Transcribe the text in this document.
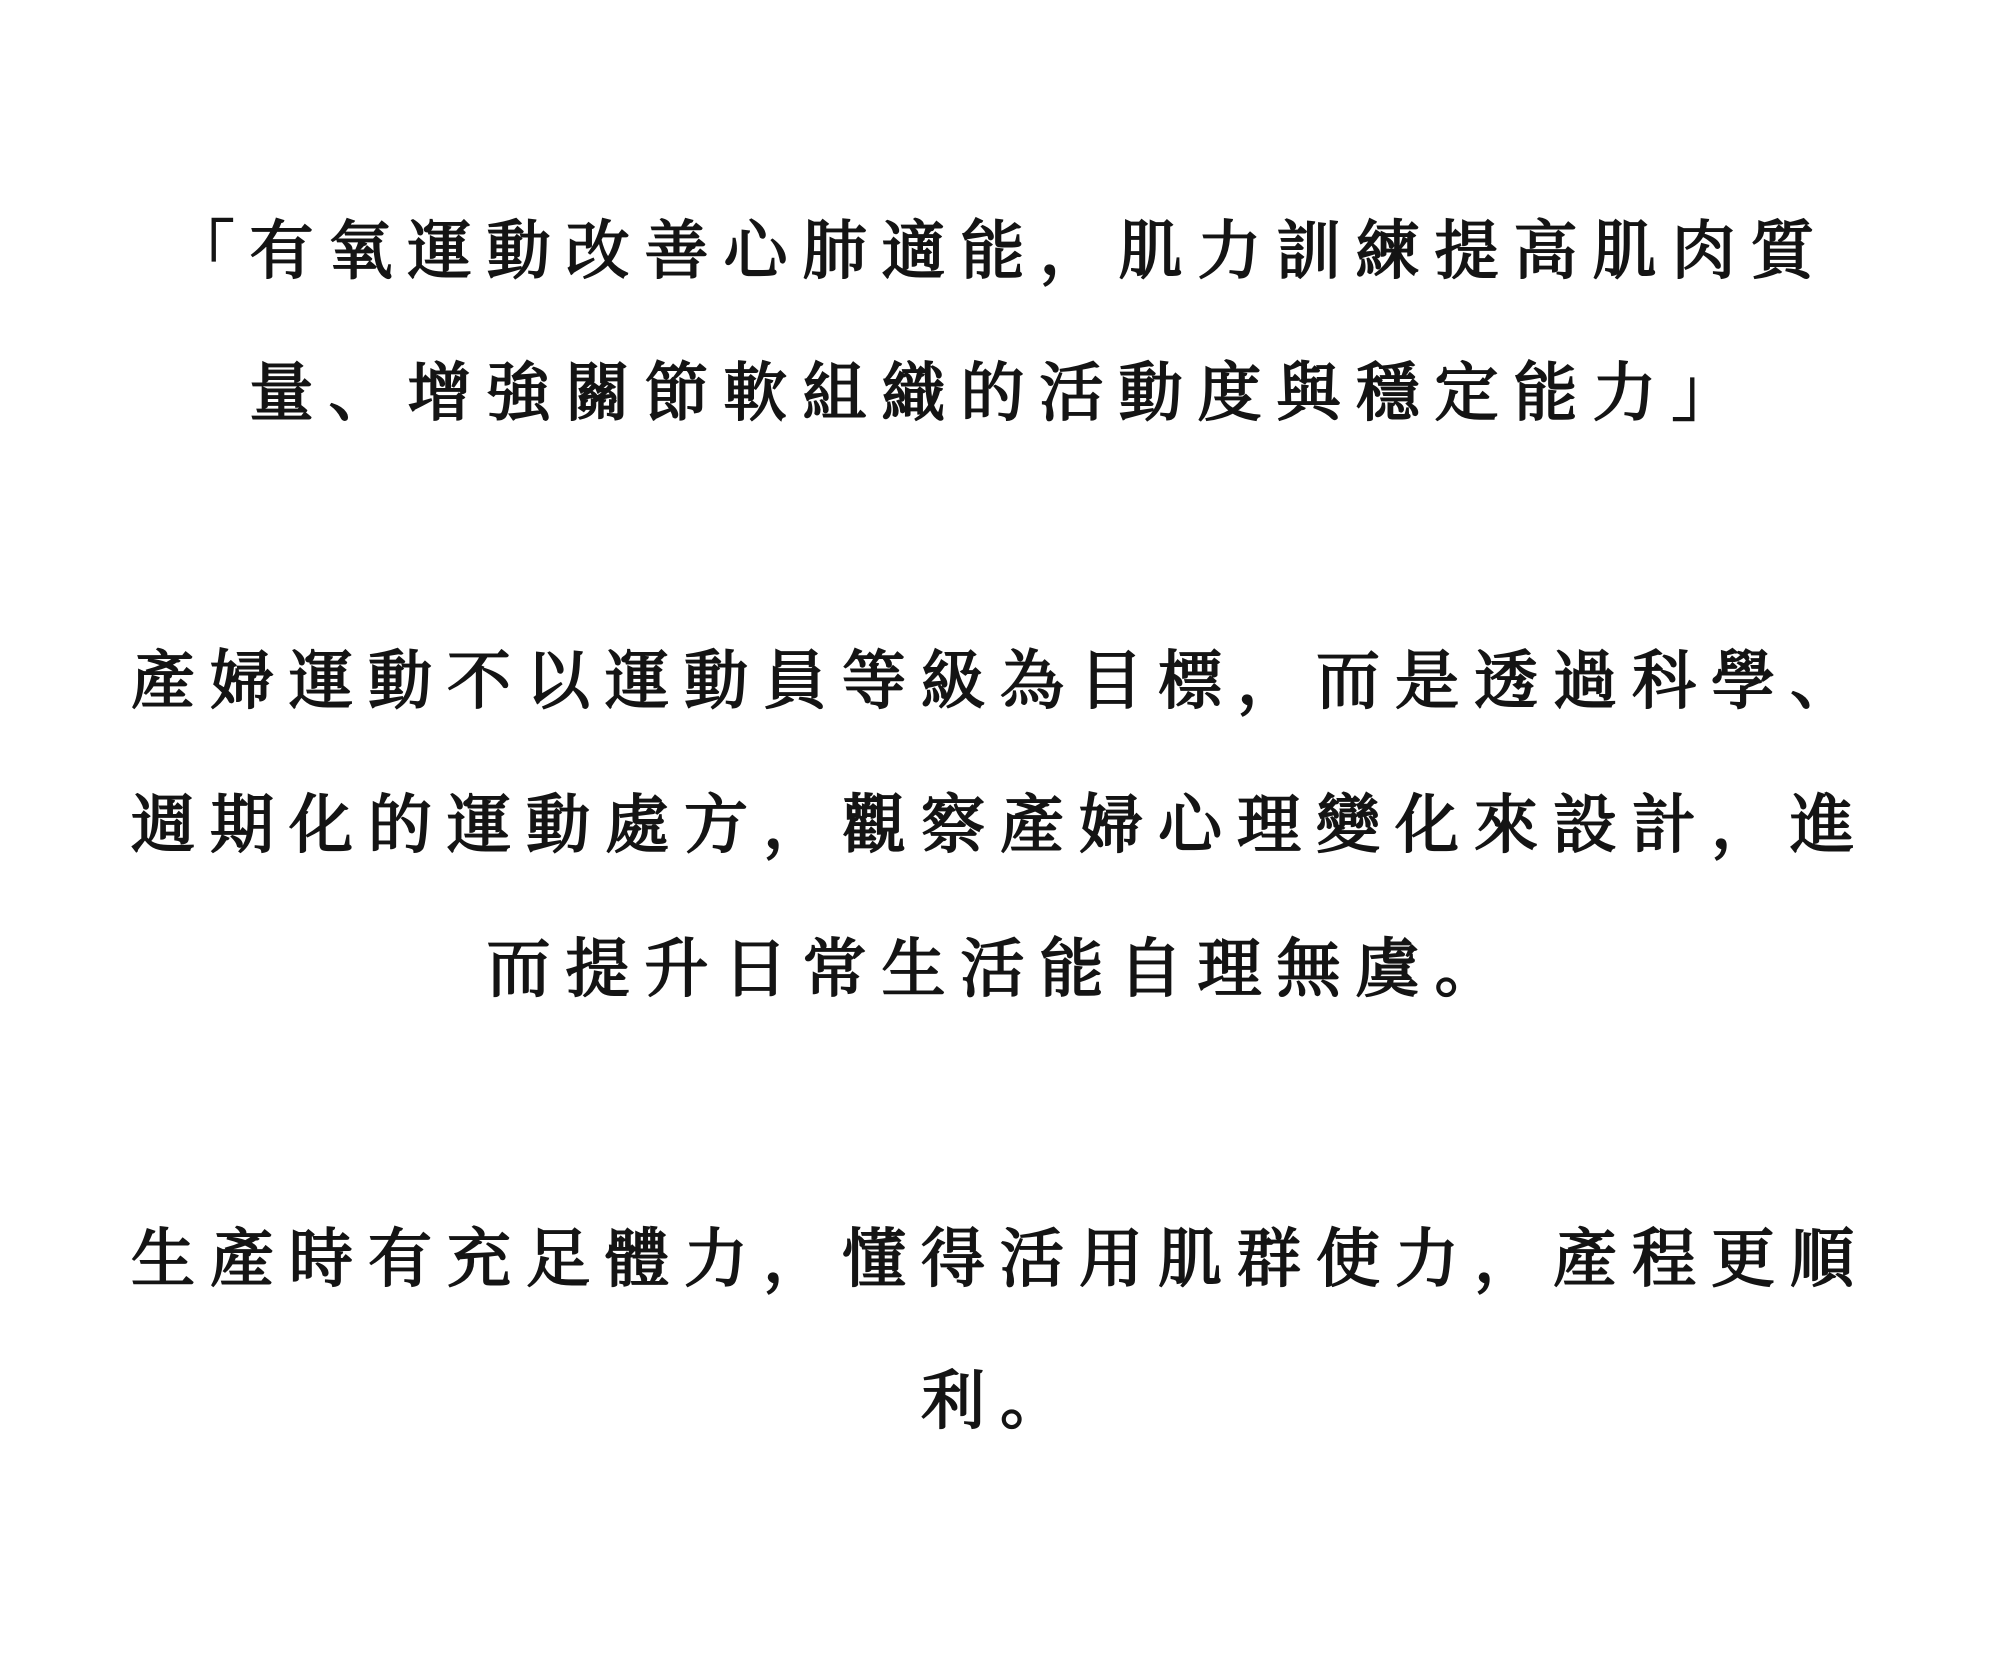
「有氧運動改善心肺適能，肌力訓練提高肌肉質
量、增強關節軟組織的活動度與穩定能力」
產婦運動不以運動員等級為目標，而是透過科學、
週期化的運動處方，觀察產婦心理變化來設計，進
而提升日常生活能自理無虞。
生產時有充足體力，懂得活用肌群使力，產程更順
利。
